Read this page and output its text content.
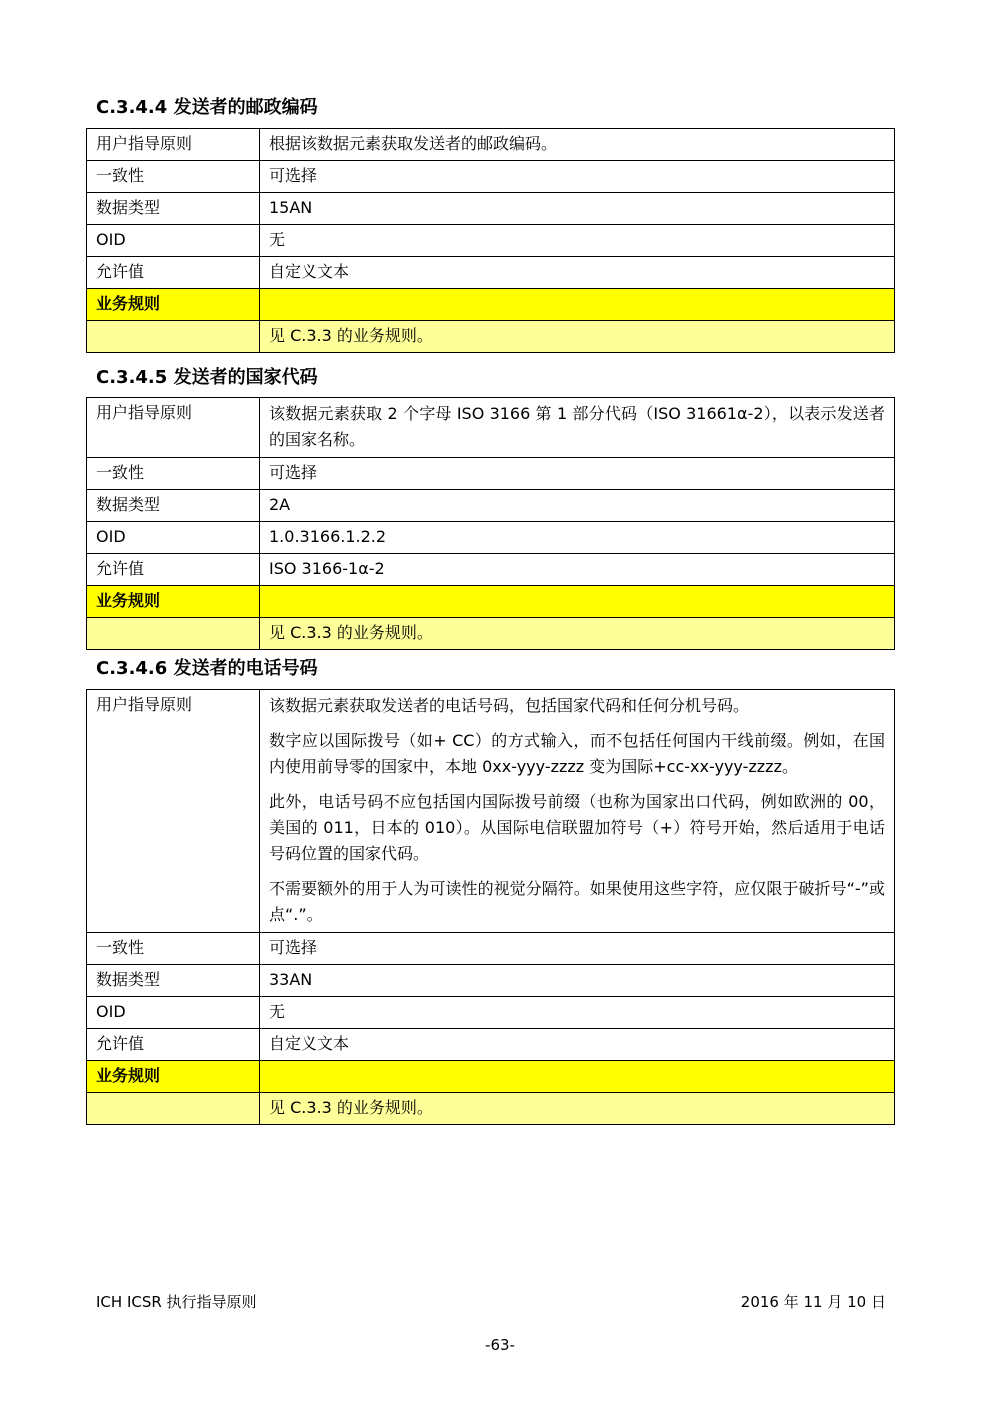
C.3.4.4 发送者的邮政编码
用户指导原则	根据该数据元素获取发送者的邮政编码。
一致性	可选择
数据类型	15AN
OID	无
允许值	自定义文本
业务规则	
	见 C.3.3 的业务规则。
C.3.4.5 发送者的国家代码
用户指导原则	该数据元素获取 2 个字母 ISO 3166 第 1 部分代码（ISO 31661α-2），以表示发送者的国家名称。

一致性	可选择
数据类型	2A
OID	1.0.3166.1.2.2
允许值	ISO 3166-1α-2
业务规则	
	见 C.3.3 的业务规则。
C.3.4.6 发送者的电话号码
用户指导原则	该数据元素获取发送者的电话号码，包括国家代码和任何分机号码。

数字应以国际拨号（如+ CC）的方式输入，而不包括任何国内干线前缀。例如，在国内使用前导零的国家中，本地 0xx-yyy-zzzz 变为国际+cc-xx-yyy-zzzz。

此外，电话号码不应包括国内国际拨号前缀（也称为国家出口代码，例如欧洲的 00，美国的 011，日本的 010）。从国际电信联盟加符号（+）符号开始，然后适用于电话号码位置的国家代码。

不需要额外的用于人为可读性的视觉分隔符。如果使用这些字符，应仅限于破折号“-”或点“.”。

一致性	可选择
数据类型	33AN
OID	无
允许值	自定义文本
业务规则	
	见 C.3.3 的业务规则。
ICH ICSR 执行指导原则	2016 年 11 月 10 日
-63-
